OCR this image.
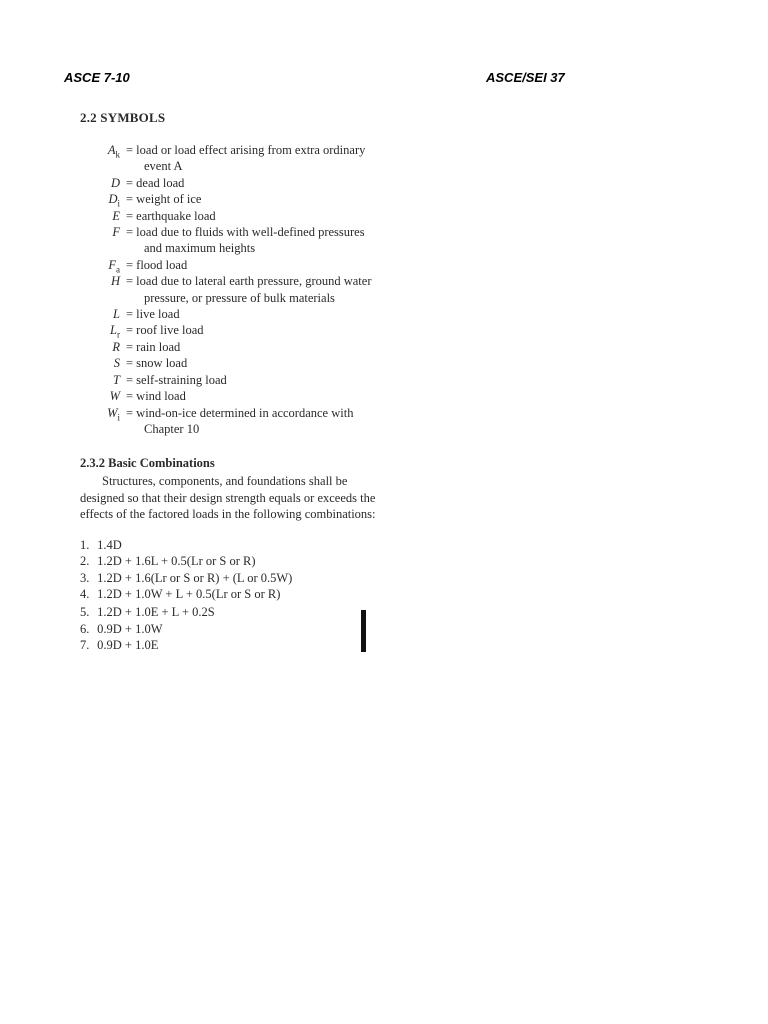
ASCE 7-10	ASCE/SEI 37
2.2 SYMBOLS
$A_k$ = load or load effect arising from extra ordinary
event A
D = dead load
$D_i$ = weight of ice
E = earthquake load
F = load due to fluids with well-defined pressures
and maximum heights
$F_a$ = flood load
H = load due to lateral earth pressure, ground water
pressure, or pressure of bulk materials
L = live load
$L_r$ = roof live load
R = rain load
S = snow load
T = self-straining load
W = wind load
$W_i$ = wind-on-ice determined in accordance with
Chapter 10
2.3.2 Basic Combinations
Structures, components, and foundations shall be designed so that their design strength equals or exceeds the effects of the factored loads in the following combinations:
1. 1.4D
2. 1.2D + 1.6L + 0.5(Lr or S or R)
3. 1.2D + 1.6(Lr or S or R) + (L or 0.5W)
4. 1.2D + 1.0W + L + 0.5(Lr or S or R)
5. 1.2D + 1.0E + L + 0.2S
6. 0.9D + 1.0W
7. 0.9D + 1.0E
